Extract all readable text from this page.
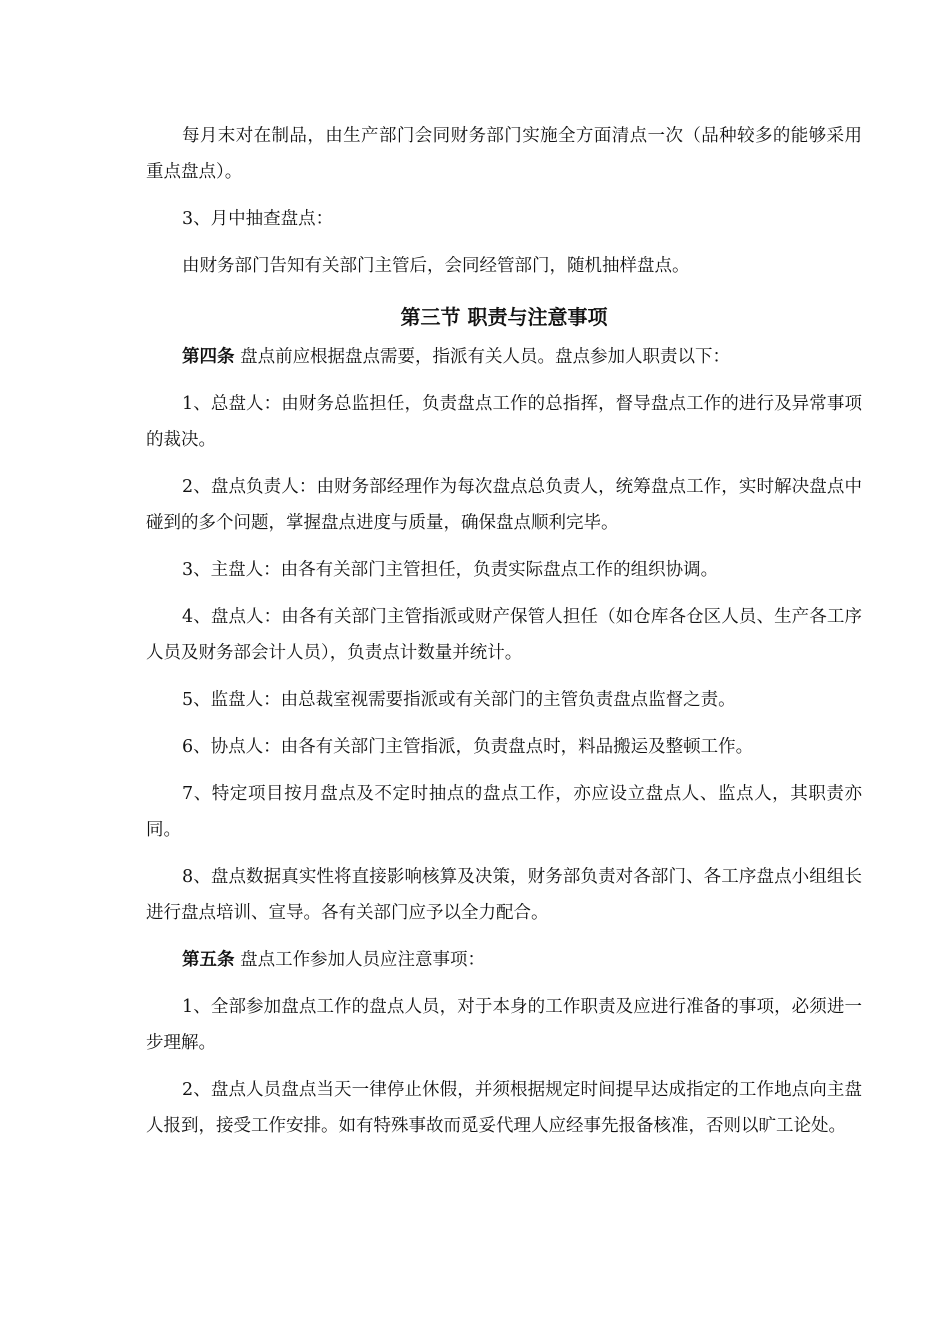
每月末对在制品，由生产部门会同财务部门实施全方面清点一次（品种较多的能够采用重点盘点）。

3、月中抽查盘点：

由财务部门告知有关部门主管后，会同经管部门，随机抽样盘点。

第三节 职责与注意事项

第四条 盘点前应根据盘点需要，指派有关人员。盘点参加人职责以下：

1、总盘人：由财务总监担任，负责盘点工作的总指挥，督导盘点工作的进行及异常事项的裁决。

2、盘点负责人：由财务部经理作为每次盘点总负责人，统筹盘点工作，实时解决盘点中碰到的多个问题，掌握盘点进度与质量，确保盘点顺利完毕。

3、主盘人：由各有关部门主管担任，负责实际盘点工作的组织协调。

4、盘点人：由各有关部门主管指派或财产保管人担任（如仓库各仓区人员、生产各工序人员及财务部会计人员），负责点计数量并统计。

5、监盘人：由总裁室视需要指派或有关部门的主管负责盘点监督之责。

6、协点人：由各有关部门主管指派，负责盘点时，料品搬运及整顿工作。

7、特定项目按月盘点及不定时抽点的盘点工作，亦应设立盘点人、监点人，其职责亦同。

8、盘点数据真实性将直接影响核算及决策，财务部负责对各部门、各工序盘点小组组长进行盘点培训、宣导。各有关部门应予以全力配合。

第五条 盘点工作参加人员应注意事项：

1、全部参加盘点工作的盘点人员，对于本身的工作职责及应进行准备的事项，必须进一步理解。

2、盘点人员盘点当天一律停止休假，并须根据规定时间提早达成指定的工作地点向主盘人报到，接受工作安排。如有特殊事故而觅妥代理人应经事先报备核准，否则以旷工论处。
